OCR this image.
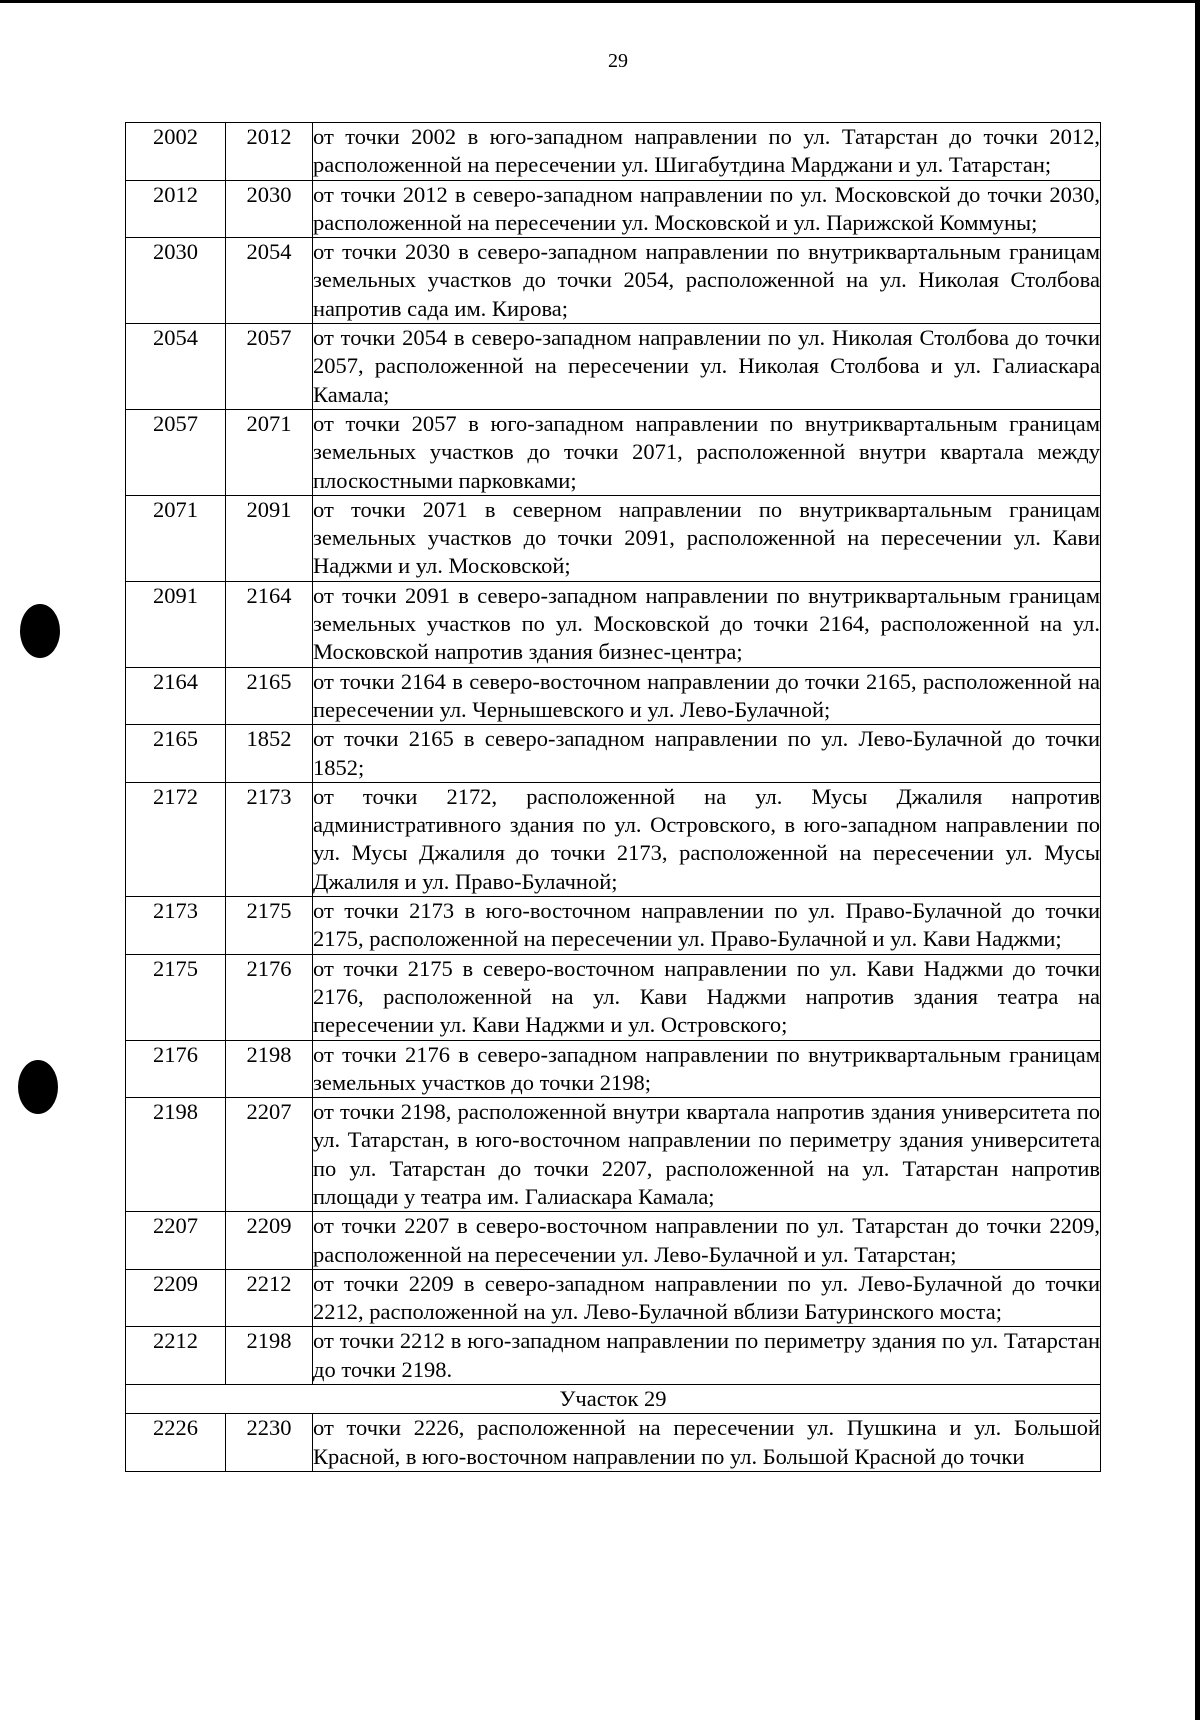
29
2002	2012	от точки 2002 в юго-западном направлении по ул. Татарстан до точки 2012, расположенной на пересечении ул. Шигабутдина Марджани и ул. Татарстан;
2012	2030	от точки 2012 в северо-западном направлении по ул. Московской до точки 2030, расположенной на пересечении ул. Московской и ул. Парижской Коммуны;
2030	2054	от точки 2030 в северо-западном направлении по внутриквартальным границам земельных участков до точки 2054, расположенной на ул. Николая Столбова напротив сада им. Кирова;
2054	2057	от точки 2054 в северо-западном направлении по ул. Николая Столбова до точки 2057, расположенной на пересечении ул. Николая Столбова и ул. Галиаскара Камала;
2057	2071	от точки 2057 в юго-западном направлении по внутриквартальным границам земельных участков до точки 2071, расположенной внутри квартала между плоскостными парковками;
2071	2091	от точки 2071 в северном направлении по внутриквартальным границам земельных участков до точки 2091, расположенной на пересечении ул. Кави Наджми и ул. Московской;
2091	2164	от точки 2091 в северо-западном направлении по внутриквартальным границам земельных участков по ул. Московской до точки 2164, расположенной на ул. Московской напротив здания бизнес-центра;
2164	2165	от точки 2164 в северо-восточном направлении до точки 2165, расположенной на пересечении ул. Чернышевского и ул. Лево-Булачной;
2165	1852	от точки 2165 в северо-западном направлении по ул. Лево-Булачной до точки 1852;
2172	2173	от точки 2172, расположенной на ул. Мусы Джалиля напротив административного здания по ул. Островского, в юго-западном направлении по ул. Мусы Джалиля до точки 2173, расположенной на пересечении ул. Мусы Джалиля и ул. Право-Булачной;
2173	2175	от точки 2173 в юго-восточном направлении по ул. Право-Булачной до точки 2175, расположенной на пересечении ул. Право-Булачной и ул. Кави Наджми;
2175	2176	от точки 2175 в северо-восточном направлении по ул. Кави Наджми до точки 2176, расположенной на ул. Кави Наджми напротив здания театра на пересечении ул. Кави Наджми и ул. Островского;
2176	2198	от точки 2176 в северо-западном направлении по внутриквартальным границам земельных участков до точки 2198;
2198	2207	от точки 2198, расположенной внутри квартала напротив здания университета по ул. Татарстан, в юго-восточном направлении по периметру здания университета по ул. Татарстан до точки 2207, расположенной на ул. Татарстан напротив площади у театра им. Галиаскара Камала;
2207	2209	от точки 2207 в северо-восточном направлении по ул. Татарстан до точки 2209, расположенной на пересечении ул. Лево-Булачной и ул. Татарстан;
2209	2212	от точки 2209 в северо-западном направлении по ул. Лево-Булачной до точки 2212, расположенной на ул. Лево-Булачной вблизи Батуринского моста;
2212	2198	от точки 2212 в юго-западном направлении по периметру здания по ул. Татарстан до точки 2198.
Участок 29		
2226	2230	от точки 2226, расположенной на пересечении ул. Пушкина и ул. Большой Красной, в юго-восточном направлении по ул. Большой Красной до точки
